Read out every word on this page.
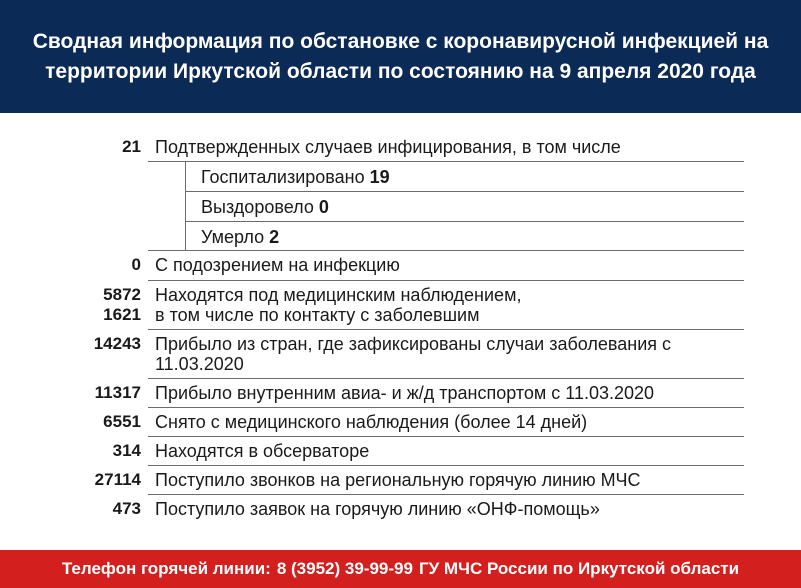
Сводная информация по обстановке с коронавирусной инфекцией на
территории Иркутской области по состоянию на 9 апреля 2020 года
21 Подтвержденных случаев инфицирования, в том числе
Госпитализировано 19
Выздоровело 0
Умерло 2
0 С подозрением на инфекцию
5872
1621
Находятся под медицинским наблюдением,
в том числе по контакту с заболевшим
14243 Прибыло из стран, где зафиксированы случаи заболевания с
11.03.2020
11317 Прибыло внутренним авиа- и ж/д транспортом с 11.03.2020
6551 Снято с медицинского наблюдения (более 14 дней)
314 Находятся в обсерваторе
27114 Поступило звонков на региональную горячую линию МЧС
473 Поступило заявок на горячую линию «ОНФ-помощь»
Телефон горячей линии: 8 (3952) 39-99-99 ГУ МЧС России по Иркутской области
